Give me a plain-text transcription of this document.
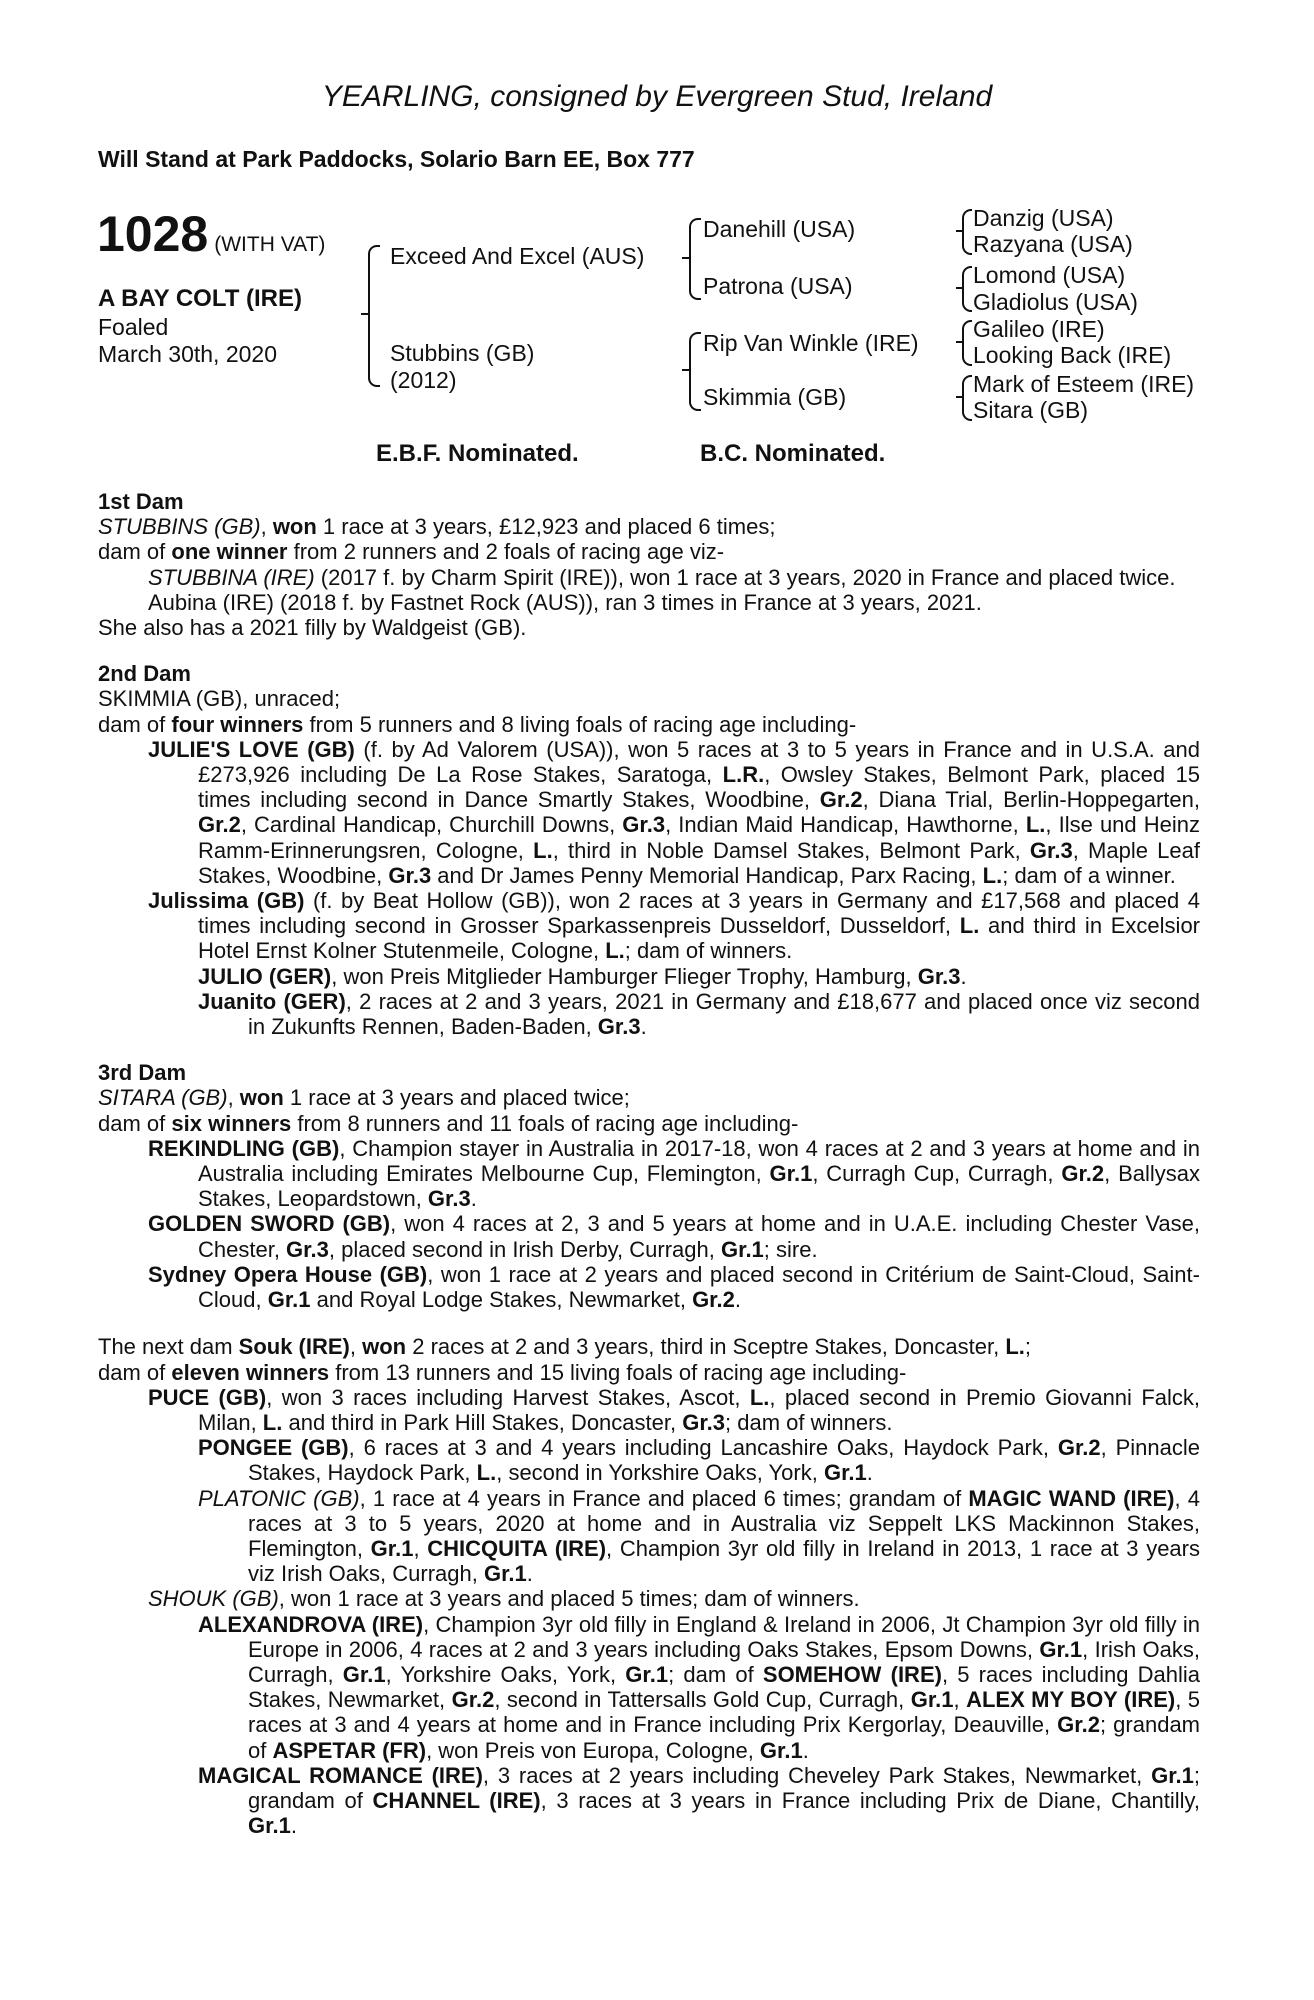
YEARLING, consigned by Evergreen Stud, Ireland
Will Stand at Park Paddocks, Solario Barn EE, Box 777
1028 (WITH VAT)
A BAY COLT (IRE)
Foaled
March 30th, 2020
Exceed And Excel (AUS)
Stubbins (GB)
(2012)
Danehill (USA)
Patrona (USA)
Rip Van Winkle (IRE)
Skimmia (GB)
Danzig (USA)
Razyana (USA)
Lomond (USA)
Gladiolus (USA)
Galileo (IRE)
Looking Back (IRE)
Mark of Esteem (IRE)
Sitara (GB)
E.B.F. Nominated.	B.C. Nominated.

1st Dam

STUBBINS (GB), won 1 race at 3 years, £12,923 and placed 6 times;

dam of one winner from 2 runners and 2 foals of racing age viz-

STUBBINA (IRE) (2017 f. by Charm Spirit (IRE)), won 1 race at 3 years, 2020 in France and placed twice.

Aubina (IRE) (2018 f. by Fastnet Rock (AUS)), ran 3 times in France at 3 years, 2021.

She also has a 2021 filly by Waldgeist (GB).

2nd Dam

SKIMMIA (GB), unraced;

dam of four winners from 5 runners and 8 living foals of racing age including-

JULIE'S LOVE (GB) (f. by Ad Valorem (USA)), won 5 races at 3 to 5 years in France and in U.S.A. and £273,926 including De La Rose Stakes, Saratoga, L.R., Owsley Stakes, Belmont Park, placed 15 times including second in Dance Smartly Stakes, Woodbine, Gr.2, Diana Trial, Berlin-Hoppegarten, Gr.2, Cardinal Handicap, Churchill Downs, Gr.3, Indian Maid Handicap, Hawthorne, L., Ilse und Heinz Ramm-Erinnerungsren, Cologne, L., third in Noble Damsel Stakes, Belmont Park, Gr.3, Maple Leaf Stakes, Woodbine, Gr.3 and Dr James Penny Memorial Handicap, Parx Racing, L.; dam of a winner.

Julissima (GB) (f. by Beat Hollow (GB)), won 2 races at 3 years in Germany and £17,568 and placed 4 times including second in Grosser Sparkassenpreis Dusseldorf, Dusseldorf, L. and third in Excelsior Hotel Ernst Kolner Stutenmeile, Cologne, L.; dam of winners.

JULIO (GER), won Preis Mitglieder Hamburger Flieger Trophy, Hamburg, Gr.3.

Juanito (GER), 2 races at 2 and 3 years, 2021 in Germany and £18,677 and placed once viz second in Zukunfts Rennen, Baden-Baden, Gr.3.

3rd Dam

SITARA (GB), won 1 race at 3 years and placed twice;

dam of six winners from 8 runners and 11 foals of racing age including-

REKINDLING (GB), Champion stayer in Australia in 2017-18, won 4 races at 2 and 3 years at home and in Australia including Emirates Melbourne Cup, Flemington, Gr.1, Curragh Cup, Curragh, Gr.2, Ballysax Stakes, Leopardstown, Gr.3.

GOLDEN SWORD (GB), won 4 races at 2, 3 and 5 years at home and in U.A.E. including Chester Vase, Chester, Gr.3, placed second in Irish Derby, Curragh, Gr.1; sire.

Sydney Opera House (GB), won 1 race at 2 years and placed second in Critérium de Saint-Cloud, Saint-Cloud, Gr.1 and Royal Lodge Stakes, Newmarket, Gr.2.

The next dam Souk (IRE), won 2 races at 2 and 3 years, third in Sceptre Stakes, Doncaster, L.;

dam of eleven winners from 13 runners and 15 living foals of racing age including-

PUCE (GB), won 3 races including Harvest Stakes, Ascot, L., placed second in Premio Giovanni Falck, Milan, L. and third in Park Hill Stakes, Doncaster, Gr.3; dam of winners.

PONGEE (GB), 6 races at 3 and 4 years including Lancashire Oaks, Haydock Park, Gr.2, Pinnacle Stakes, Haydock Park, L., second in Yorkshire Oaks, York, Gr.1.

PLATONIC (GB), 1 race at 4 years in France and placed 6 times; grandam of MAGIC WAND (IRE), 4 races at 3 to 5 years, 2020 at home and in Australia viz Seppelt LKS Mackinnon Stakes, Flemington, Gr.1, CHICQUITA (IRE), Champion 3yr old filly in Ireland in 2013, 1 race at 3 years viz Irish Oaks, Curragh, Gr.1.

SHOUK (GB), won 1 race at 3 years and placed 5 times; dam of winners.

ALEXANDROVA (IRE), Champion 3yr old filly in England & Ireland in 2006, Jt Champion 3yr old filly in Europe in 2006, 4 races at 2 and 3 years including Oaks Stakes, Epsom Downs, Gr.1, Irish Oaks, Curragh, Gr.1, Yorkshire Oaks, York, Gr.1; dam of SOMEHOW (IRE), 5 races including Dahlia Stakes, Newmarket, Gr.2, second in Tattersalls Gold Cup, Curragh, Gr.1, ALEX MY BOY (IRE), 5 races at 3 and 4 years at home and in France including Prix Kergorlay, Deauville, Gr.2; grandam of ASPETAR (FR), won Preis von Europa, Cologne, Gr.1.

MAGICAL ROMANCE (IRE), 3 races at 2 years including Cheveley Park Stakes, Newmarket, Gr.1; grandam of CHANNEL (IRE), 3 races at 3 years in France including Prix de Diane, Chantilly, Gr.1.
